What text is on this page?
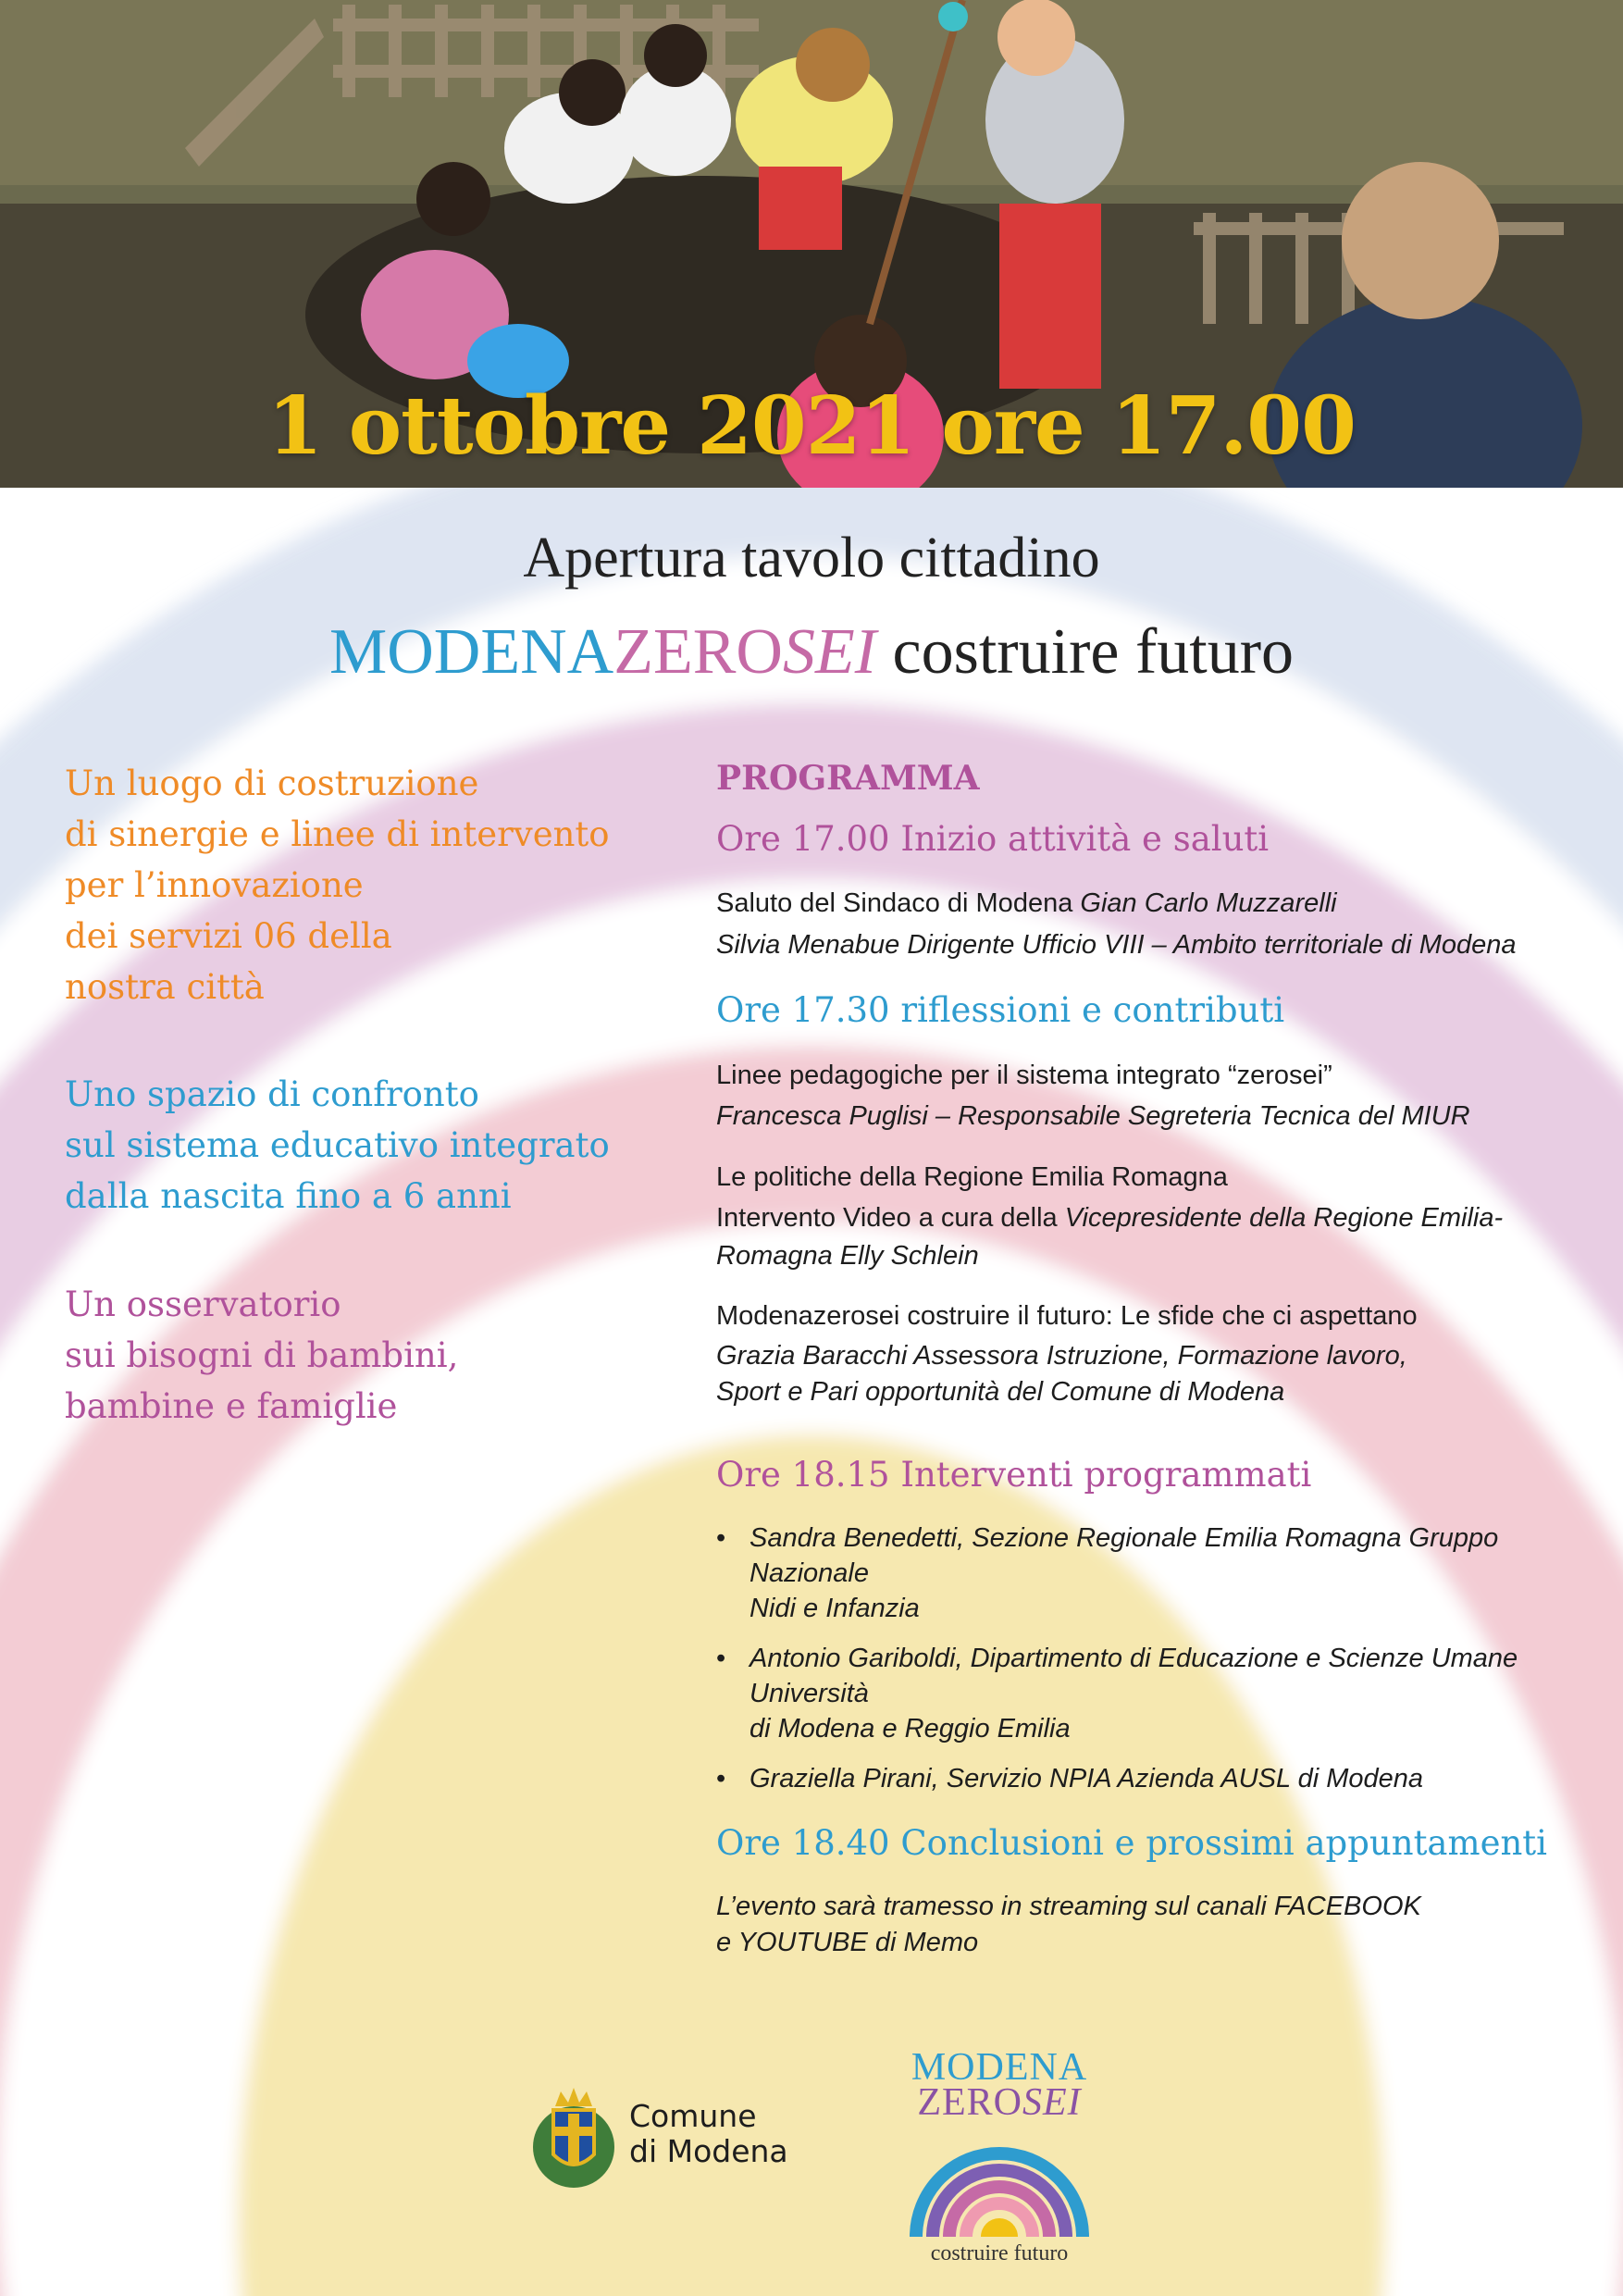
1 ottobre 2021 ore 17.00
Apertura tavolo cittadino
MODENAZEROSEI costruire futuro
Un luogo di costruzione
di sinergie e linee di intervento
per l’innovazione
dei servizi 06 della
nostra città
Uno spazio di confronto
sul sistema educativo integrato
dalla nascita fino a 6 anni
Un osservatorio
sui bisogni di bambini,
bambine e famiglie
PROGRAMMA
Ore 17.00 Inizio attività e saluti
Saluto del Sindaco di Modena Gian Carlo Muzzarelli
Silvia Menabue Dirigente Ufficio VIII – Ambito territoriale di Modena
Ore 17.30 riflessioni e contributi
Linee pedagogiche per il sistema integrato “zerosei”
Francesca Puglisi – Responsabile Segreteria Tecnica del MIUR
Le politiche della Regione Emilia Romagna
Intervento Video a cura della Vicepresidente della Regione Emilia-
Romagna Elly Schlein
Modenazerosei costruire il futuro: Le sfide che ci aspettano
Grazia Baracchi Assessora Istruzione, Formazione lavoro,
Sport e Pari opportunità del Comune di Modena
Ore 18.15 Interventi programmati
• Sandra Benedetti, Sezione Regionale Emilia Romagna Gruppo
Nazionale
Nidi e Infanzia
• Antonio Gariboldi, Dipartimento di Educazione e Scienze Umane
Università
di Modena e Reggio Emilia
• Graziella Pirani, Servizio NPIA Azienda AUSL di Modena
Ore 18.40 Conclusioni e prossimi appuntamenti
L’evento sarà tramesso in streaming sul canali FACEBOOK
e YOUTUBE di Memo
Comune
di Modena
MODENA
ZEROSEI
costruire futuro
